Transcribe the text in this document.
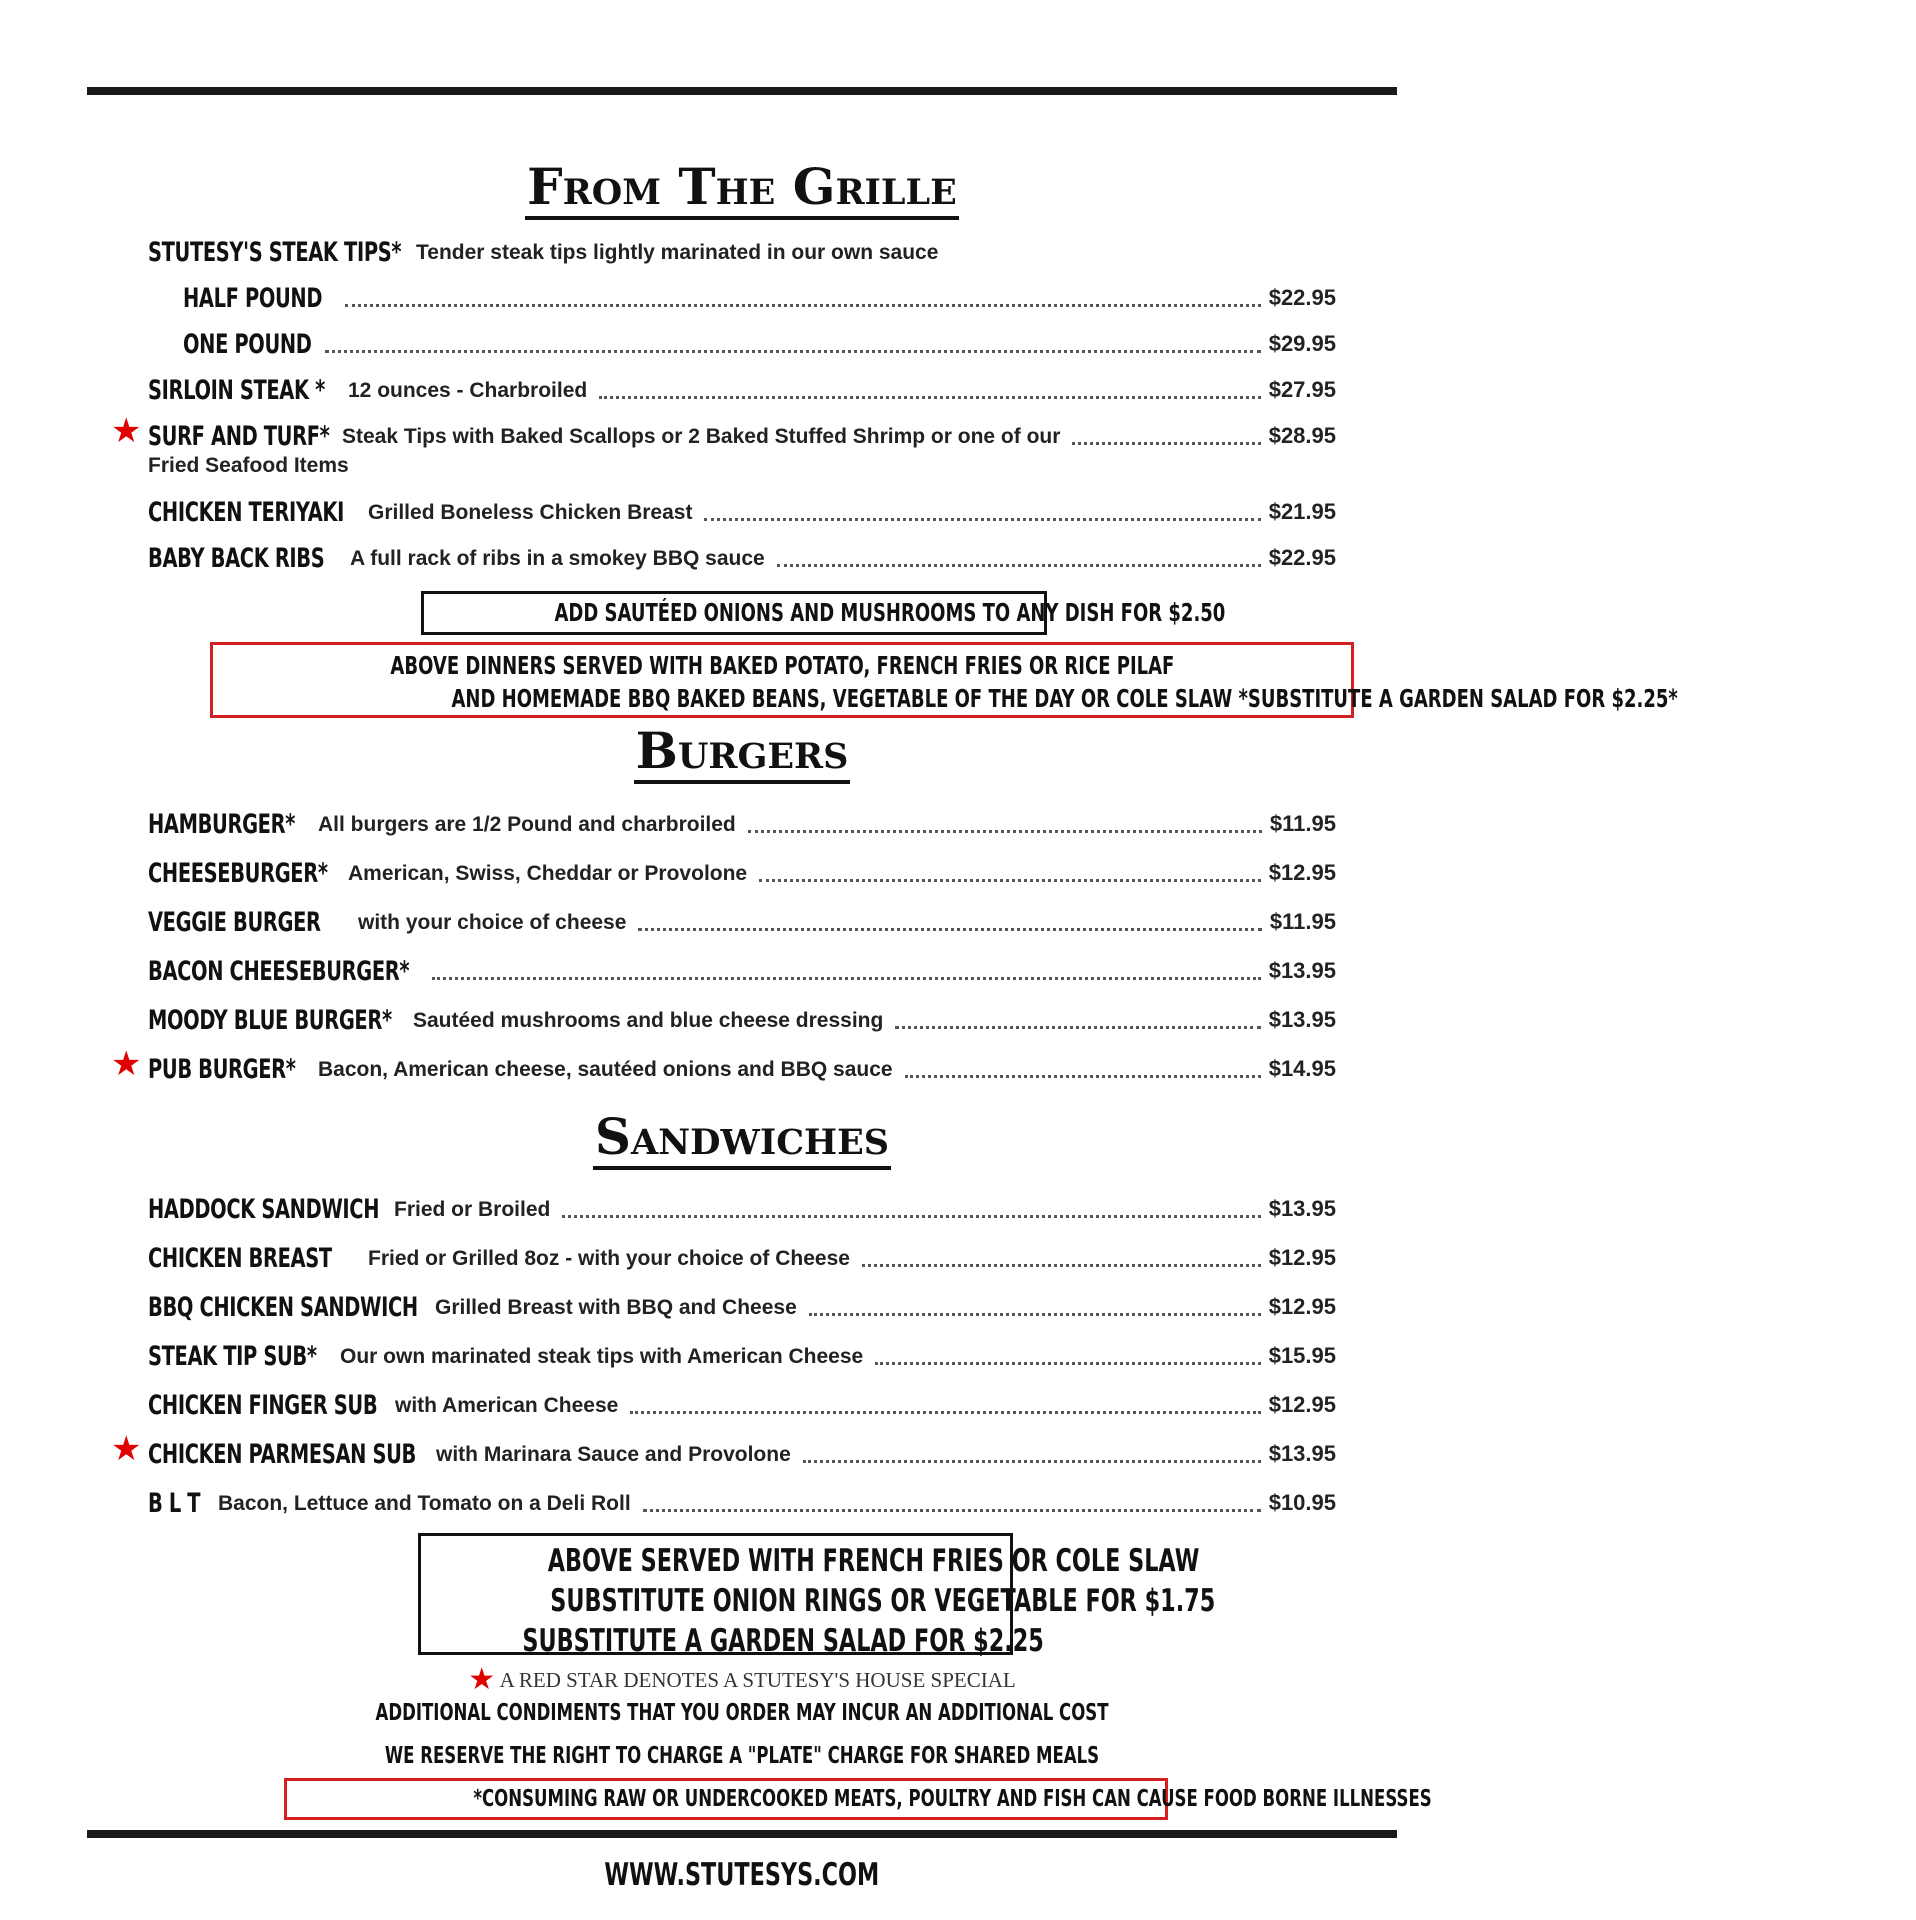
From The Grille
STUTESY'S STEAK TIPS* Tender steak tips lightly marinated in our own sauce
HALF POUND	$22.95
ONE POUND	$29.95
SIRLOIN STEAK *	12 ounces - Charbroiled	$27.95
★ SURF AND TURF* Steak Tips with Baked Scallops or 2 Baked Stuffed Shrimp or one of our	$28.95
Fried Seafood Items
CHICKEN TERIYAKI	Grilled Boneless Chicken Breast	$21.95
BABY BACK RIBS	A full rack of ribs in a smokey BBQ sauce	$22.95
ADD SAUTÉED ONIONS AND MUSHROOMS TO ANY DISH FOR $2.50
ABOVE DINNERS SERVED WITH BAKED POTATO, FRENCH FRIES OR RICE PILAF
AND HOMEMADE BBQ BAKED BEANS, VEGETABLE OF THE DAY OR COLE SLAW *SUBSTITUTE A GARDEN SALAD FOR $2.25*
Burgers
HAMBURGER*	All burgers are 1/2 Pound and charbroiled	$11.95
CHEESEBURGER* American, Swiss, Cheddar or Provolone	$12.95
VEGGIE BURGER	with your choice of cheese	$11.95
BACON CHEESEBURGER*	$13.95
MOODY BLUE BURGER*	Sautéed mushrooms and blue cheese dressing	$13.95
★ PUB BURGER*	Bacon, American cheese, sautéed onions and BBQ sauce	$14.95
Sandwiches
HADDOCK SANDWICH Fried or Broiled	$13.95
CHICKEN BREAST	Fried or Grilled 8oz - with your choice of Cheese	$12.95
BBQ CHICKEN SANDWICH Grilled Breast with BBQ and Cheese	$12.95
STEAK TIP SUB*	Our own marinated steak tips with American Cheese	$15.95
CHICKEN FINGER SUB with American Cheese	$12.95
★ CHICKEN PARMESAN SUB with Marinara Sauce and Provolone	$13.95
B L T Bacon, Lettuce and Tomato on a Deli Roll	$10.95
ABOVE SERVED WITH FRENCH FRIES OR COLE SLAW
SUBSTITUTE ONION RINGS OR VEGETABLE FOR $1.75
SUBSTITUTE A GARDEN SALAD FOR $2.25
★ A RED STAR DENOTES A STUTESY'S HOUSE SPECIAL
ADDITIONAL CONDIMENTS THAT YOU ORDER MAY INCUR AN ADDITIONAL COST
WE RESERVE THE RIGHT TO CHARGE A "PLATE" CHARGE FOR SHARED MEALS
*CONSUMING RAW OR UNDERCOOKED MEATS, POULTRY AND FISH CAN CAUSE FOOD BORNE ILLNESSES
WWW.STUTESYS.COM
